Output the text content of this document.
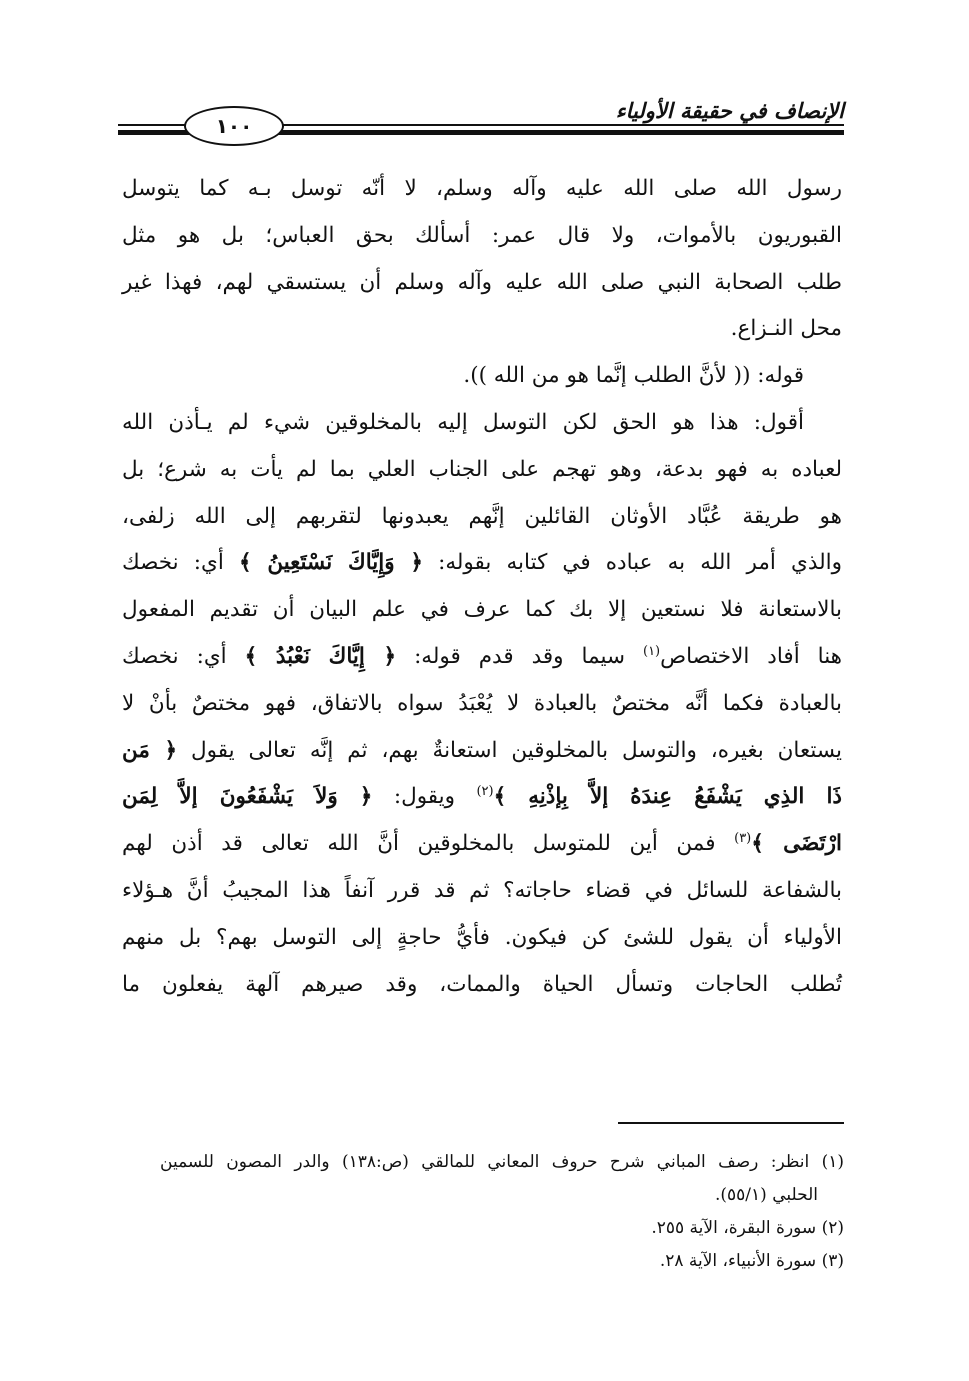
الإنصاف في حقيقة الأولياء
١٠٠
رسول الله صلى الله عليه وآله وسلم، لا أنّه توسل بـه كما يتوسل
القبوريون بالأموات، ولا قال عمر: أسألك بحق العباس؛ بل هو مثل
طلب الصحابة النبي صلى الله عليه وآله وسلم أن يستسقي لهم، فهذا غير
محل النـزاع.
قوله: (( لأنَّ الطلب إنَّما هو من الله )).
أقول: هذا هو الحق لكن التوسل إليه بالمخلوقين شيء لم يـأذن الله
لعباده به فهو بدعة، وهو تهجم على الجناب العلي بما لم يأت به شرع؛ بل
هو طريقة عُبَّاد الأوثان القائلين إنَّهم يعبدونها لتقربهم إلى الله زلفى،
والذي أمر الله به عباده في كتابه بقوله: ﴿ وَإِيَّاكَ نَسْتَعِينُ ﴾ أي: نخصك
بالاستعانة فلا نستعين إلا بك كما عرف في علم البيان أن تقديم المفعول
هنا أفاد الاختصاص$^{(١)}$ سيما وقد قدم قوله: ﴿ إِيَّاكَ نَعْبُدُ ﴾ أي: نخصك
بالعبادة فكما أنَّه مختصٌ بالعبادة لا يُعْبَدُ سواه بالاتفاق، فهو مختصٌ بأنْ لا
يستعان بغيره، والتوسل بالمخلوقين استعانةٌ بهم، ثم إنَّه تعالى يقول ﴿ مَن
ذَا الذِي يَشْفَعُ عِندَهُ إلاَّ بِإذْنِهِ ﴾$^{(٢)}$ ويقول: ﴿ وَلاَ يَشْفَعُونَ إلاَّ لِمَن
ارْتَضَى ﴾$^{(٣)}$ فمن أين للمتوسل بالمخلوقين أنَّ الله تعالى قد أذن لهم
بالشفاعة للسائل في قضاء حاجاته؟ ثم قد قرر آنفاً هذا المجيبُ أنَّ هـؤلاء
الأولياء أن يقول للشئ كن فيكون. فأيُّ حاجةٍ إلى التوسل بهم؟ بل منهم
تُطلب الحاجات وتسأل الحياة والممات، وقد صيرهم آلهة يفعلون ما
(١) انظر: رصف المباني شرح حروف المعاني للمالقي (ص:١٣٨) والدر المصون للسمين
الحلبي (٥٥/١).
(٢) سورة البقرة، الآية ٢٥٥.
(٣) سورة الأنبياء، الآية ٢٨.
